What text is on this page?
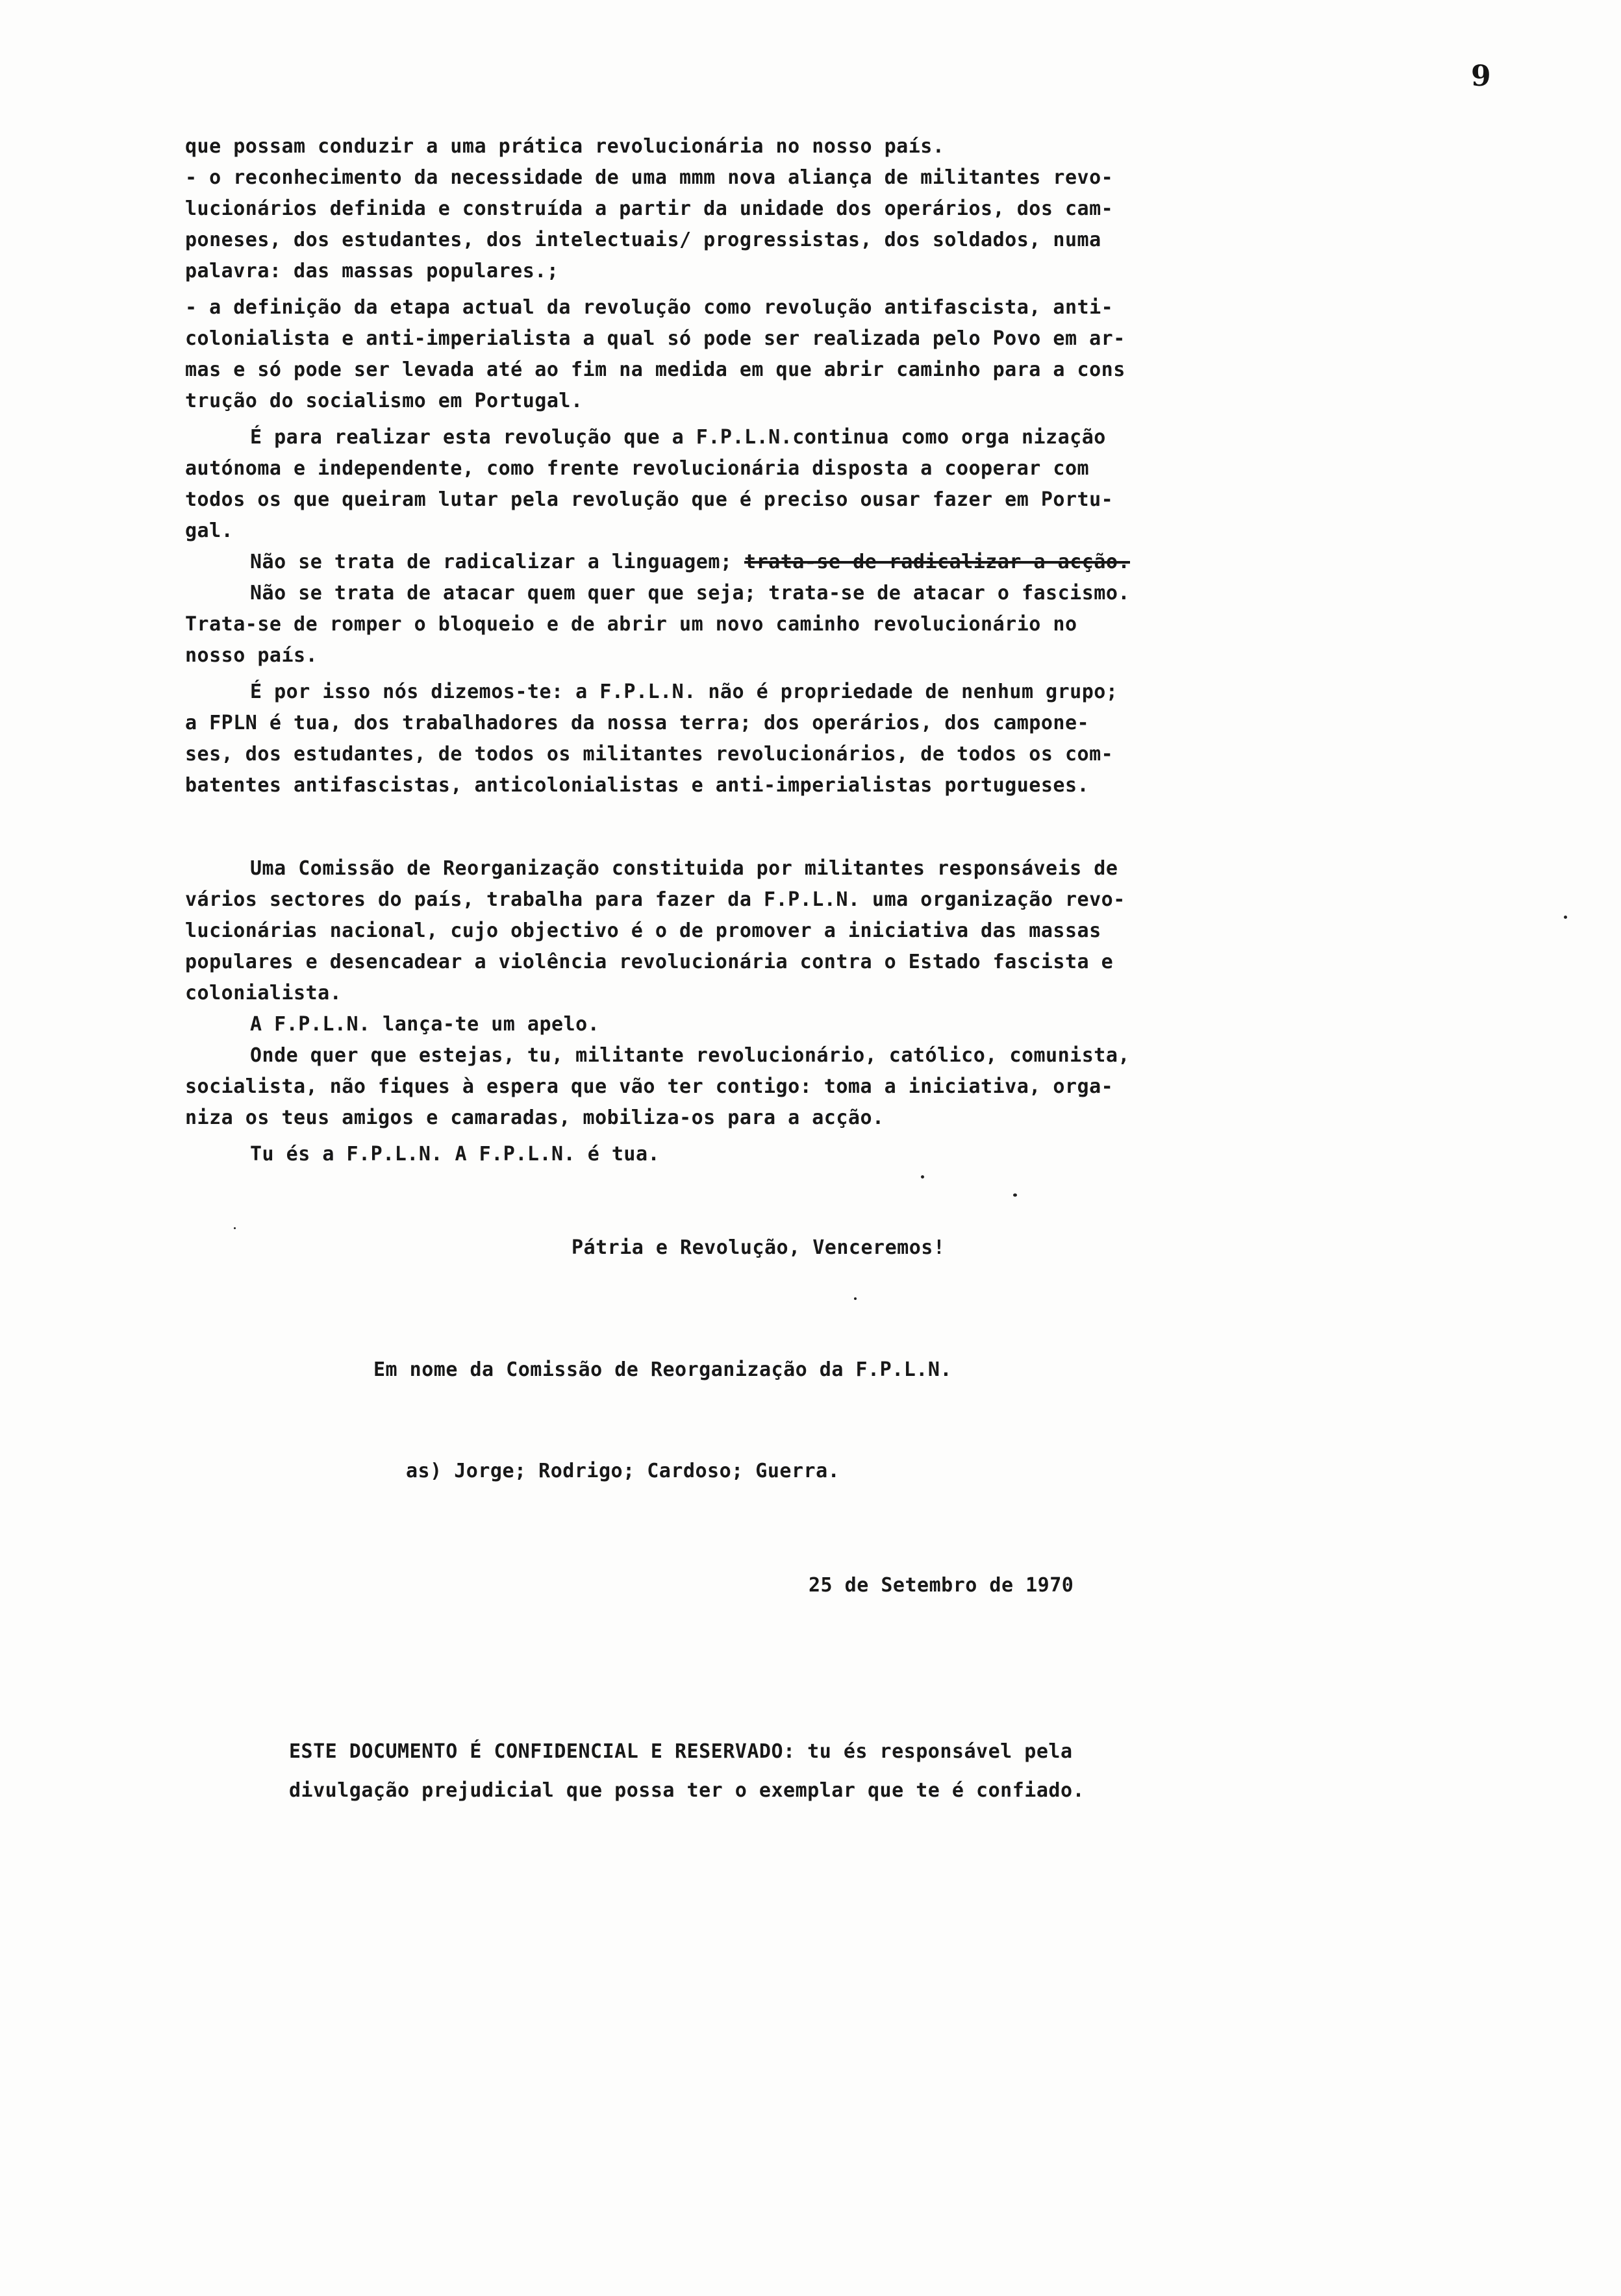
9
que possam conduzir a uma prática revolucionária no nosso país.
- o reconhecimento da necessidade de uma mmm nova aliança de militantes revo-
lucionários definida e construída a partir da unidade dos operários, dos cam-
poneses, dos estudantes, dos intelectuais/ progressistas, dos soldados, numa
palavra: das massas populares.;
- a definição da etapa actual da revolução como revolução antifascista, anti-
colonialista e anti-imperialista a qual só pode ser realizada pelo Povo em ar-
mas e só pode ser levada até ao fim na medida em que abrir caminho para a cons
trução do socialismo em Portugal.
É para realizar esta revolução que a F.P.L.N.continua como orga nização
autónoma e independente, como frente revolucionária disposta a cooperar com
todos os que queiram lutar pela revolução que é preciso ousar fazer em Portu-
gal.
Não se trata de radicalizar a linguagem; trata-se de radicalizar a acção.
Não se trata de atacar quem quer que seja; trata-se de atacar o fascismo.
Trata-se de romper o bloqueio e de abrir um novo caminho revolucionário no
nosso país.
É por isso nós dizemos-te: a F.P.L.N. não é propriedade de nenhum grupo;
a FPLN é tua, dos trabalhadores da nossa terra; dos operários, dos campone-
ses, dos estudantes, de todos os militantes revolucionários, de todos os com-
batentes antifascistas, anticolonialistas e anti-imperialistas portugueses.
Uma Comissão de Reorganização constituida por militantes responsáveis de
vários sectores do país, trabalha para fazer da F.P.L.N. uma organização revo-
lucionárias nacional, cujo objectivo é o de promover a iniciativa das massas
populares e desencadear a violência revolucionária contra o Estado fascista e
colonialista.
A F.P.L.N. lança-te um apelo.
Onde quer que estejas, tu, militante revolucionário, católico, comunista,
socialista, não fiques à espera que vão ter contigo: toma a iniciativa, orga-
niza os teus amigos e camaradas, mobiliza-os para a acção.
Tu és a F.P.L.N. A F.P.L.N. é tua.
Pátria e Revolução, Venceremos!
Em nome da Comissão de Reorganização da F.P.L.N.
as) Jorge; Rodrigo; Cardoso; Guerra.
25 de Setembro de 1970
ESTE DOCUMENTO É CONFIDENCIAL E RESERVADO: tu és responsável pela
divulgação prejudicial que possa ter o exemplar que te é confiado.
